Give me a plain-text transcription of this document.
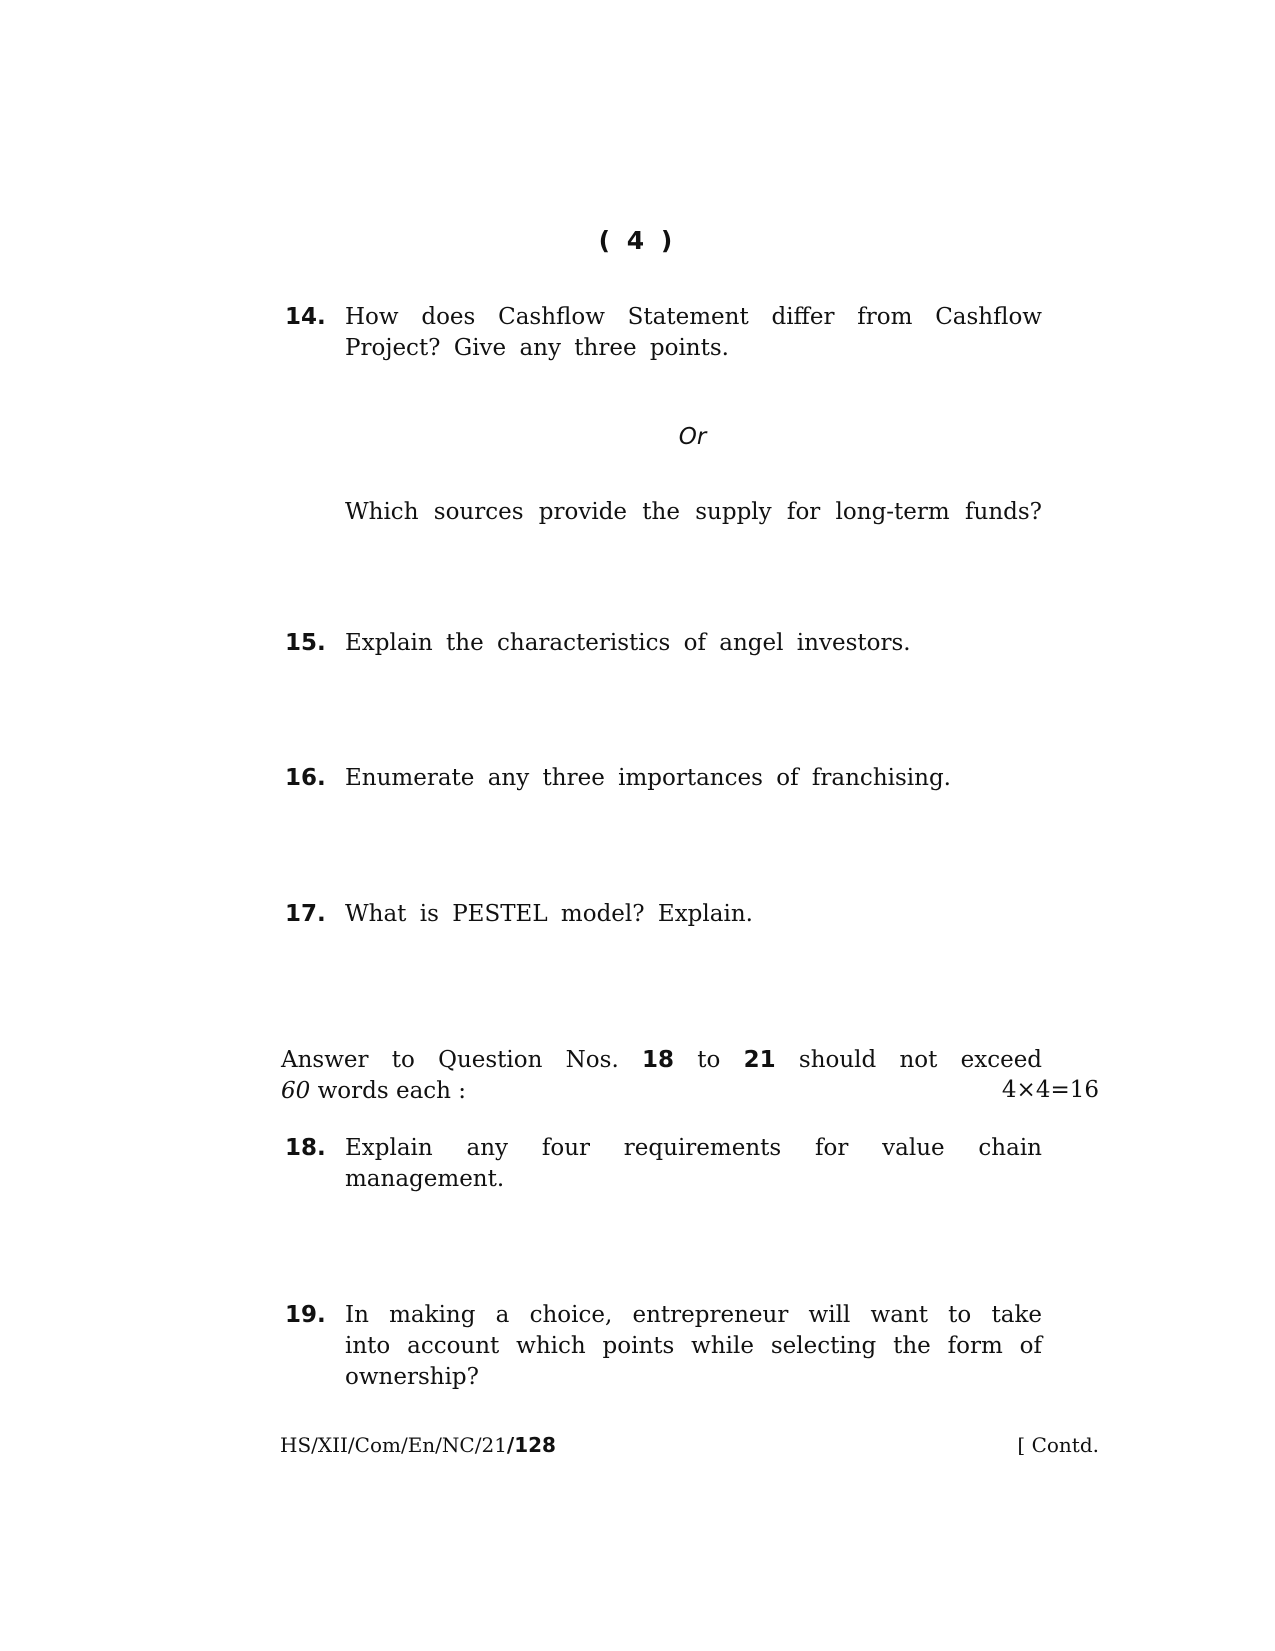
( 4 )
14. How does Cashflow Statement differ from Cashflow Project? Give any three points.
Or
Which sources provide the supply for long-term funds?
15. Explain the characteristics of angel investors.
16. Enumerate any three importances of franchising.
17. What is PESTEL model? Explain.
Answer to Question Nos. 18 to 21 should not exceed
60 words each :	4×4=16
18. Explain any four requirements for value chain management.
19. In making a choice, entrepreneur will want to take into account which points while selecting the form of ownership?
HS/XII/Com/En/NC/21/128	[ Contd.
